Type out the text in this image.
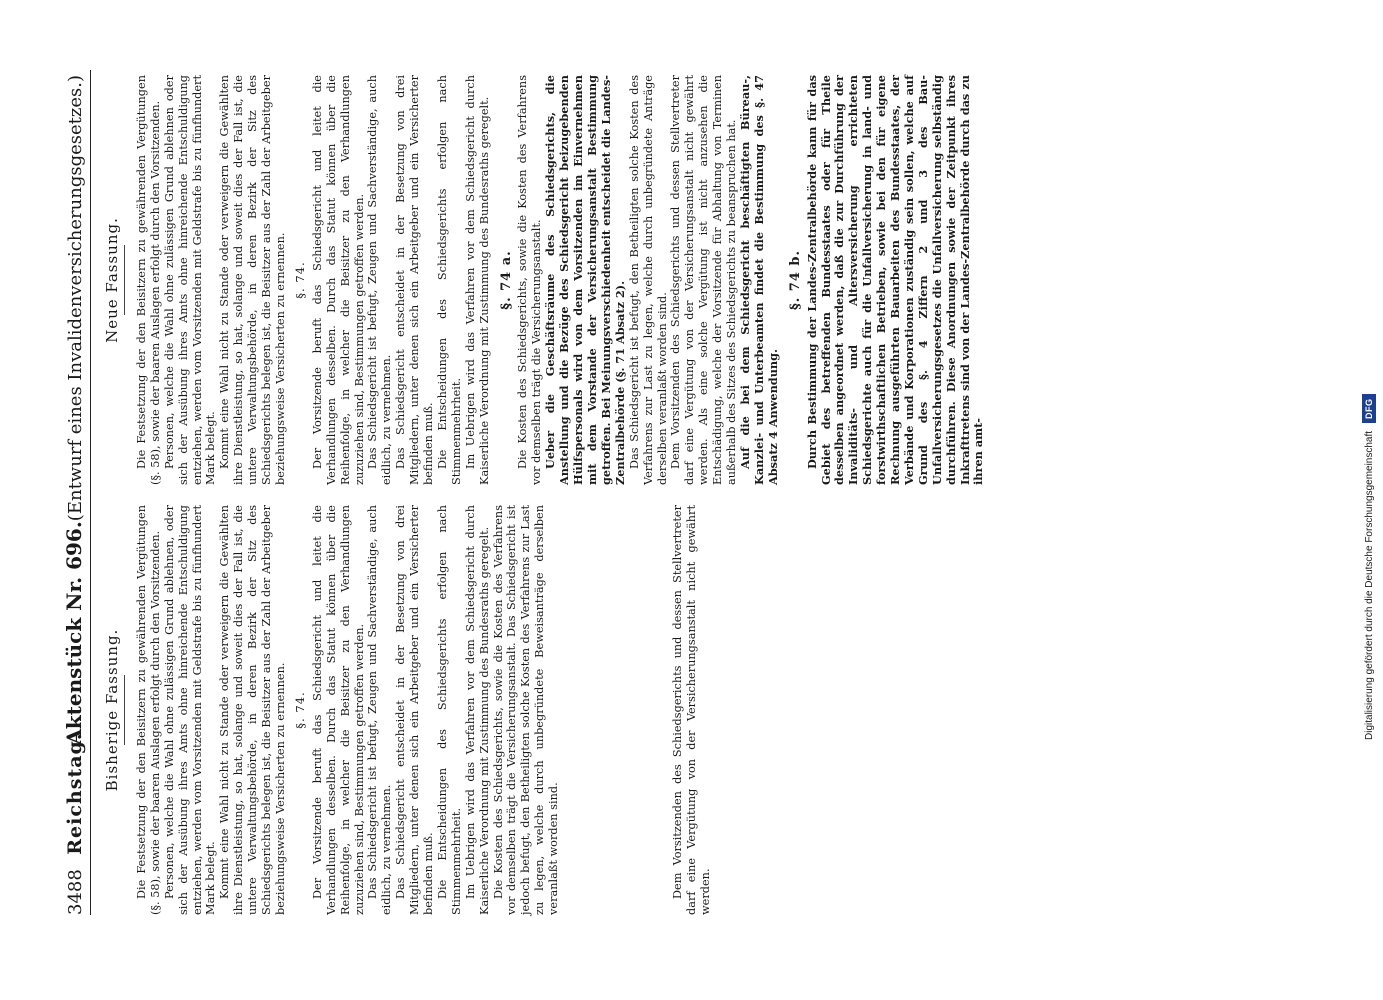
3488
Reichstag.
Aktenstück Nr. 696.
(Entwurf eines Invalidenversicherungsgesetzes.)
Bisherige Fassung. Die Festsetzung der den Beisitzern zu gewährenden Vergütungen (§. 58), sowie der baaren Auslagen erfolgt durch den Vorsitzenden. Personen, welche die Wahl ohne zulässigen Grund ablehnen, oder sich der Ausübung ihres Amts ohne hinreichende Entschuldigung entziehen, werden vom Vorsitzenden mit Geldstrafe bis zu fünfhundert Mark belegt. Kommt eine Wahl nicht zu Stande oder verweigern die Gewählten ihre Dienstleistung, so hat, solange und soweit dies der Fall ist, die untere Verwaltungsbehörde, in deren Bezirk der Sitz des Schiedsgerichts belegen ist, die Beisitzer aus der Zahl der Arbeitgeber beziehungsweise Versicherten zu ernennen. §. 74. Der Vorsitzende beruft das Schiedsgericht und leitet die Verhandlungen desselben. Durch das Statut können über die Reihenfolge, in welcher die Beisitzer zu den Verhandlungen zuzuziehen sind, Bestimmungen getroffen werden. Das Schiedsgericht ist befugt, Zeugen und Sachverständige, auch eidlich, zu vernehmen. Das Schiedsgericht entscheidet in der Besetzung von drei Mitgliedern, unter denen sich ein Arbeitgeber und ein Versicherter befinden muß. Die Entscheidungen des Schiedsgerichts erfolgen nach Stimmenmehrheit. Im Uebrigen wird das Verfahren vor dem Schiedsgericht durch Kaiserliche Verordnung mit Zustimmung des Bundesraths geregelt. Die Kosten des Schiedsgerichts, sowie die Kosten des Verfahrens vor demselben trägt die Versicherungsanstalt. Das Schiedsgericht ist jedoch befugt, den Betheiligten solche Kosten des Verfahrens zur Last zu legen, welche durch unbegründete Beweisanträge derselben veranlaßt worden sind.	Dem Vorsitzenden des Schiedsgerichts und dessen Stellvertreter darf eine Vergütung von der Versicherungsanstalt nicht gewährt werden.

Neue Fassung. Die Festsetzung der den Beisitzern zu gewährenden Vergütungen (§. 58), sowie der baaren Auslagen erfolgt durch den Vorsitzenden. Personen, welche die Wahl ohne zulässigen Grund ablehnen oder sich der Ausübung ihres Amts ohne hinreichende Entschuldigung entziehen, werden vom Vorsitzenden mit Geldstrafe bis zu fünfhundert Mark belegt. Kommt eine Wahl nicht zu Stande oder verweigern die Gewählten ihre Dienstleistung, so hat, solange und soweit dies der Fall ist, die untere Verwaltungsbehörde, in deren Bezirk der Sitz des Schiedsgerichts belegen ist, die Beisitzer aus der Zahl der Arbeitgeber beziehungsweise Versicherten zu ernennen. §. 74. Der Vorsitzende beruft das Schiedsgericht und leitet die Verhandlungen desselben. Durch das Statut können über die Reihenfolge, in welcher die Beisitzer zu den Verhandlungen zuzuziehen sind, Bestimmungen getroffen werden. Das Schiedsgericht ist befugt, Zeugen und Sachverständige, auch eidlich, zu vernehmen. Das Schiedsgericht entscheidet in der Besetzung von drei Mitgliedern, unter denen sich ein Arbeitgeber und ein Versicherter befinden muß. Die Entscheidungen des Schiedsgerichts erfolgen nach Stimmenmehrheit. Im Uebrigen wird das Verfahren vor dem Schiedsgericht durch Kaiserliche Verordnung mit Zustimmung des Bundesraths geregelt. §. 74 a. Die Kosten des Schiedsgerichts, sowie die Kosten des Verfahrens vor demselben trägt die Versicherungsanstalt. Ueber die Geschäftsräume des Schiedsgerichts, die Anstellung und die Bezüge des Schiedsgericht beizugebenden Hülfspersonals wird von dem Vorsitzenden im Einvernehmen mit dem Vorstande der Versicherungsanstalt Bestimmung getroffen. Bei Meinungsverschiedenheit entscheidet die Landes-Zentralbehörde (§. 71 Absatz 2). Das Schiedsgericht ist befugt, den Betheiligten solche Kosten des Verfahrens zur Last zu legen, welche durch unbegründete Anträge derselben veranlaßt worden sind. Dem Vorsitzenden des Schiedsgerichts und dessen Stellvertreter darf eine Vergütung von der Versicherungsanstalt nicht gewährt werden. Als eine solche Vergütung ist nicht anzusehen die Entschädigung, welche der Vorsitzende für Abhaltung von Terminen außerhalb des Sitzes des Schiedsgerichts zu beanspruchen hat. Auf die bei dem Schiedsgericht beschäftigten Büreau-, Kanzlei- und Unterbeamten findet die Bestimmung des §. 47 Absatz 4 Anwendung.

§. 74 b. Durch Bestimmung der Landes-Zentralbehörde kann für das Gebiet des betreffenden Bundesstaates oder für Theile desselben angeordnet werden, daß die zur Durchführung der Invaliditäts- und Altersversicherung errichteten Schiedsgerichte auch für die Unfallversicherung in land- und forstwirthschaftlichen Betrieben, sowie bei den für eigene Rechnung ausgeführten Bauarbeiten des Bundesstaates, der Verbände und Korporationen zuständig sein sollen, welche auf Grund des §. 4 Ziffern 2 und 3 des Bau-Unfallversicherungsgesetzes die Unfallversicherung selbständig durchführen. Diese Anordnungen sowie der Zeitpunkt ihres Inkrafttretens sind von der Landes-Zentralbehörde durch das zu ihren amt-	Digitalisierung gefördert durch die Deutsche Forschungsgemeinschaft
DFG
